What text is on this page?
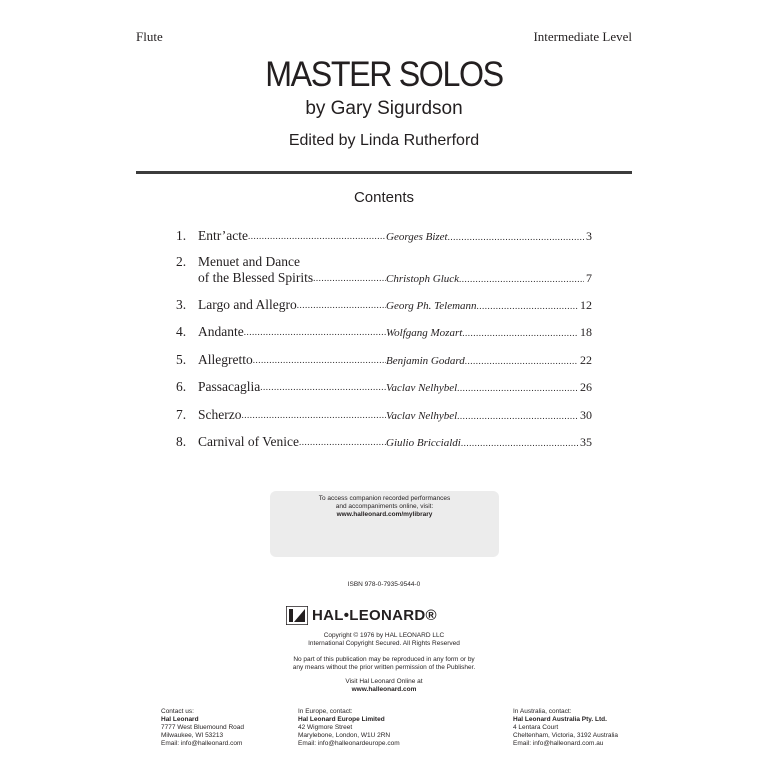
Flute	Intermediate Level
MASTER SOLOS
by Gary Sigurdson
Edited by Linda Rutherford
Contents
1. Entr’acte .....	Georges Bizet .....	3
2. Menuet and Dance
of the Blessed Spirits .....	Christoph Gluck .....	7
3. Largo and Allegro .....	Georg Ph. Telemann .....	12
4. Andante .....	Wolfgang Mozart .....	18
5. Allegretto .....	Benjamin Godard .....	22
6. Passacaglia .....	Vaclav Nelhybel .....	26
7. Scherzo .....	Vaclav Nelhybel .....	30
8. Carnival of Venice .....	Giulio Briccialdi .....	35
To access companion recorded performances
and accompaniments online, visit:
www.halleonard.com/mylibrary
ISBN 978-0-7935-9544-0
HAL•LEONARD®
Copyright © 1976 by HAL LEONARD LLC
International Copyright Secured. All Rights Reserved
No part of this publication may be reproduced in any form or by
any means without the prior written permission of the Publisher.
Visit Hal Leonard Online at
www.halleonard.com
Contact us:
Hal Leonard
7777 West Bluemound Road
Milwaukee, WI 53213
Email: info@halleonard.com
In Europe, contact:
Hal Leonard Europe Limited
42 Wigmore Street
Marylebone, London, W1U 2RN
Email: info@halleonardeurope.com
In Australia, contact:
Hal Leonard Australia Pty. Ltd.
4 Lentara Court
Cheltenham, Victoria, 3192 Australia
Email: info@halleonard.com.au
